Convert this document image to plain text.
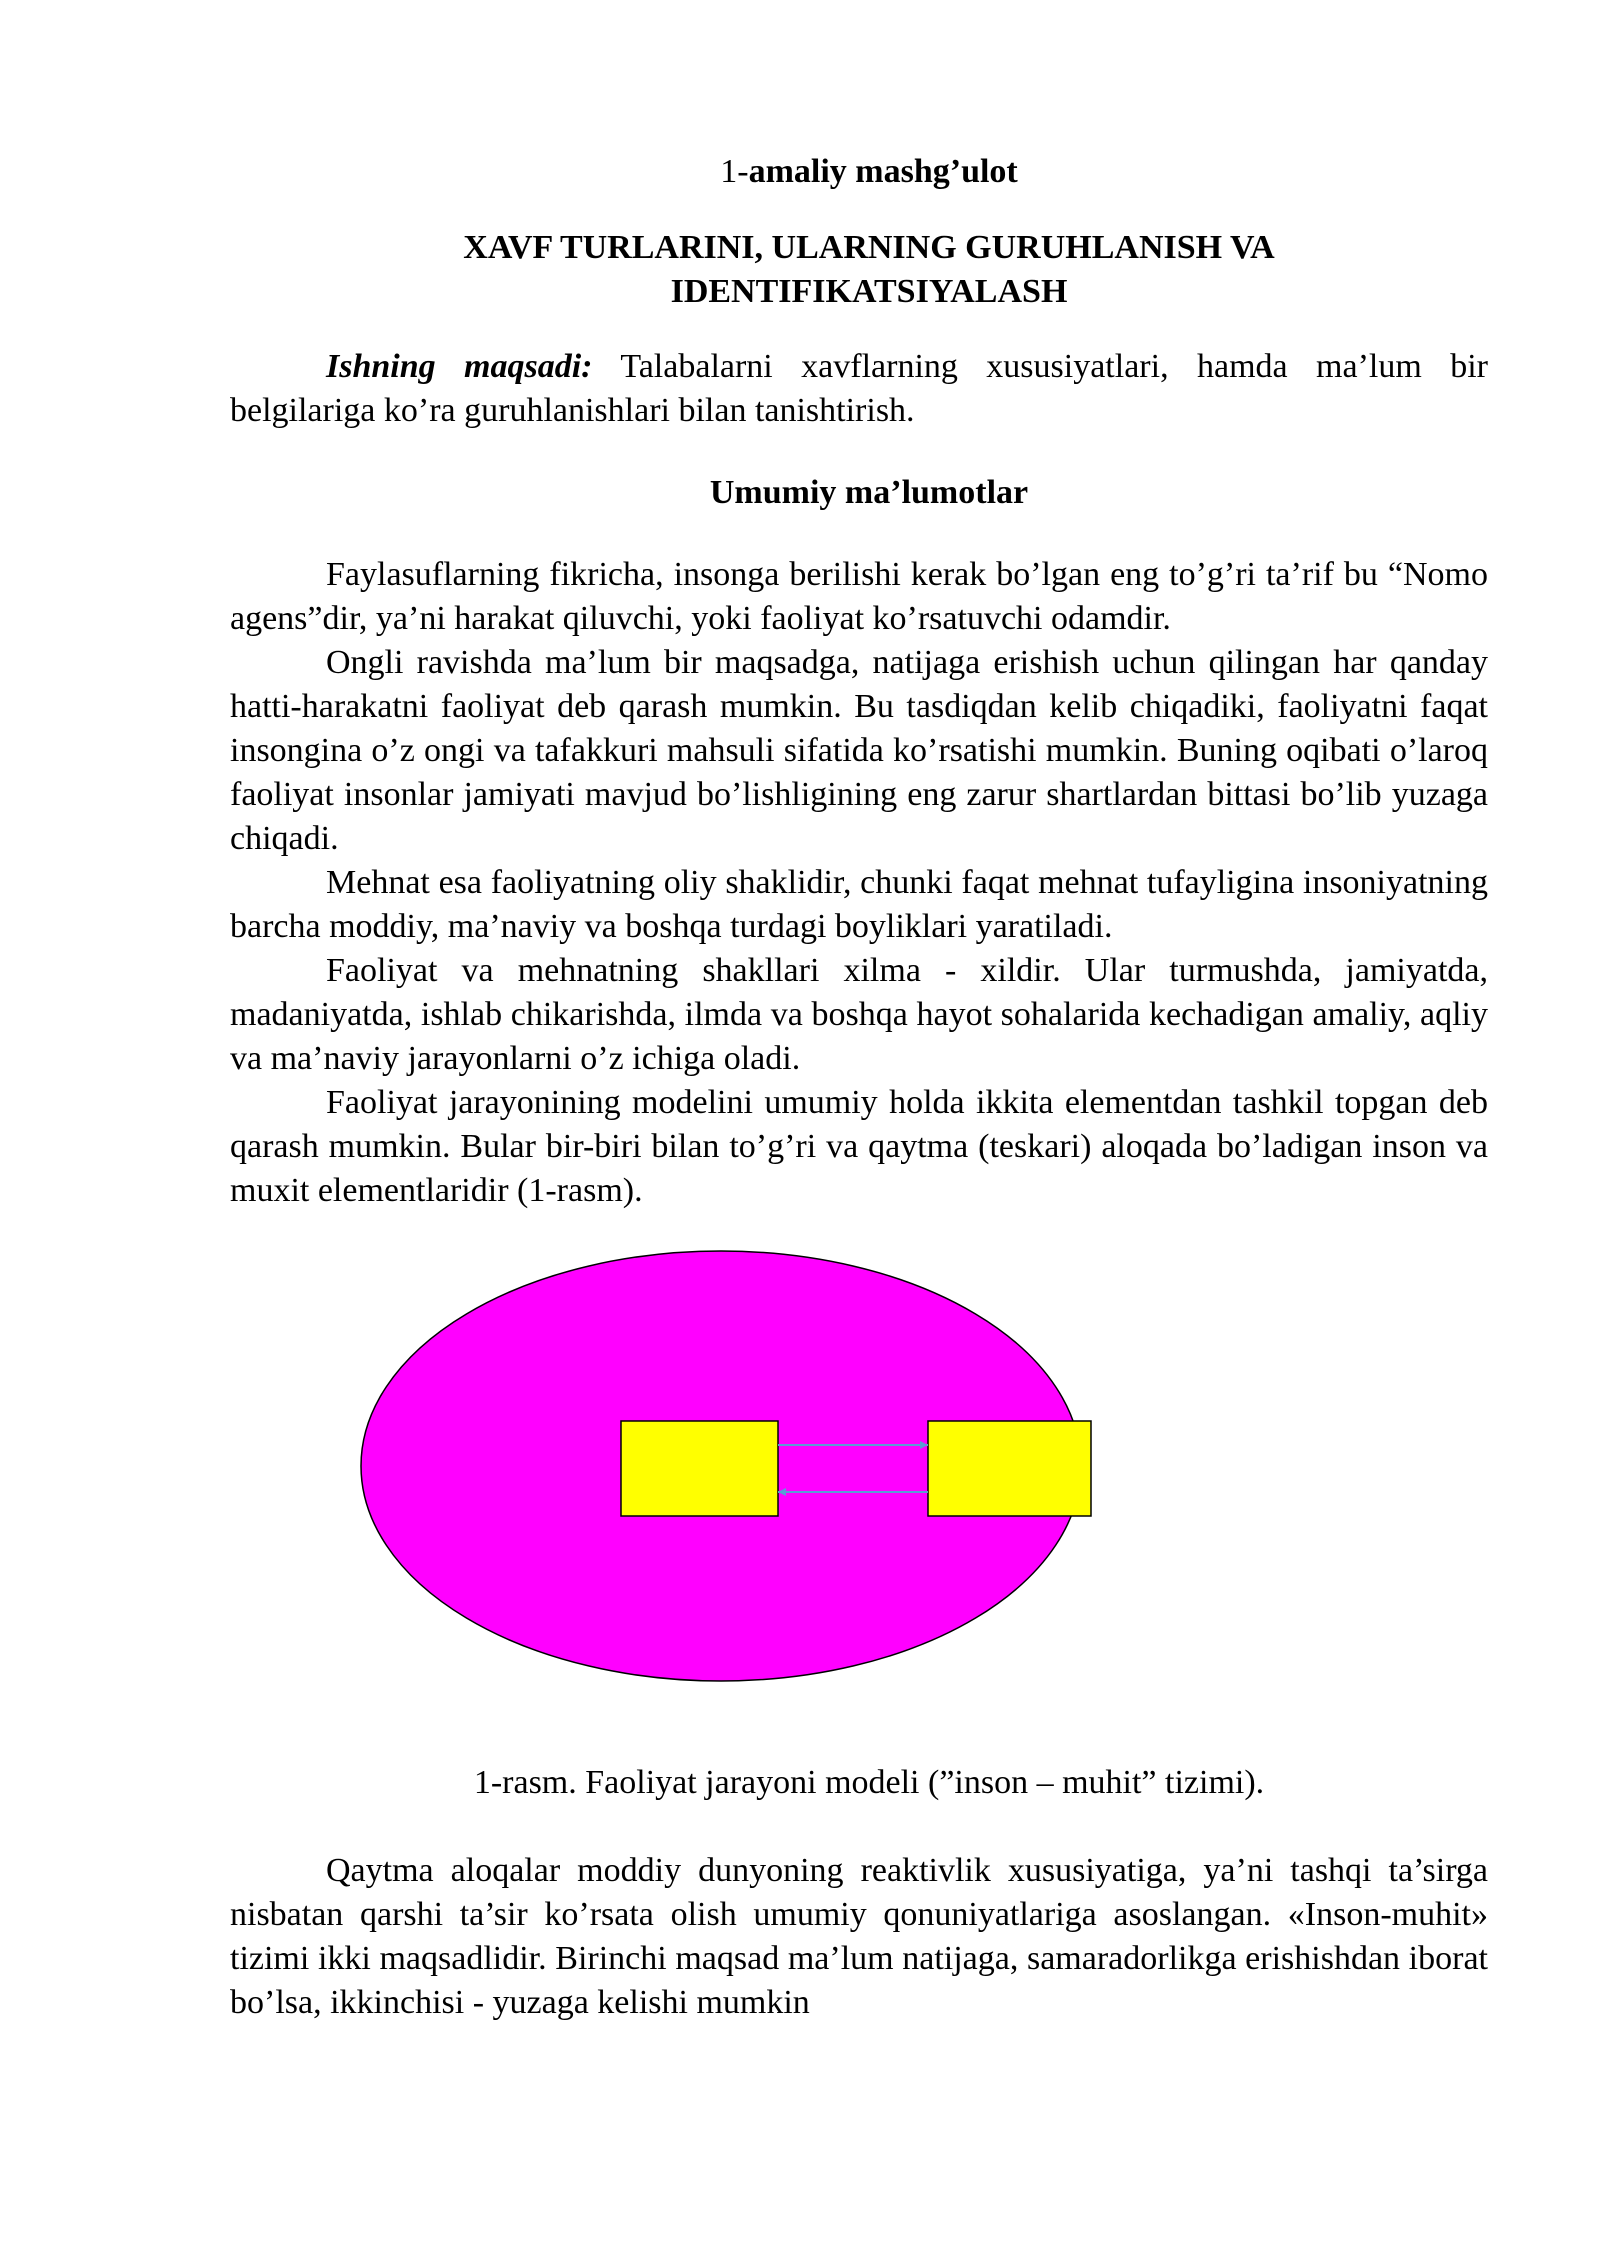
1-amaliy mashg’ulot
XAVF TURLARINI, ULARNING GURUHLANISH VA
IDENTIFIKATSIYALASH

Ishning maqsadi: Talabalarni xavflarning xususiyatlari, hamda ma’lum bir belgilariga ko’ra guruhlanishlari bilan tanishtirish.

Umumiy ma’lumotlar

Faylasuflarning fikricha, insonga berilishi kerak bo’lgan eng to’g’ri ta’rif bu “Nomo agens”dir, ya’ni harakat qiluvchi, yoki faoliyat ko’rsatuvchi odamdir.

Ongli ravishda ma’lum bir maqsadga, natijaga erishish uchun qilingan har qanday hatti-harakatni faoliyat deb qarash mumkin. Bu tasdiqdan kelib chiqadiki, faoliyatni faqat insongina o’z ongi va tafakkuri mahsuli sifatida ko’rsatishi mumkin. Buning oqibati o’laroq faoliyat insonlar jamiyati mavjud bo’lishligining eng zarur shartlardan bittasi bo’lib yuzaga chiqadi.

Mehnat esa faoliyatning oliy shaklidir, chunki faqat mehnat tufayligina insoniyatning barcha moddiy, ma’naviy va boshqa turdagi boyliklari yaratiladi.

Faoliyat va mehnatning shakllari xilma - xildir. Ular turmushda, jamiyatda, madaniyatda, ishlab chikarishda, ilmda va boshqa hayot sohalarida kechadigan amaliy, aqliy va ma’naviy jarayonlarni o’z ichiga oladi.

Faoliyat jarayonining modelini umumiy holda ikkita elementdan tashkil topgan deb qarash mumkin. Bular bir-biri bilan to’g’ri va qaytma (teskari) aloqada bo’ladigan inson va muxit elementlaridir (1-rasm).

1-rasm. Faoliyat jarayoni modeli (”inson – muhit” tizimi).

Qaytma aloqalar moddiy dunyoning reaktivlik xususiyatiga, ya’ni tashqi ta’sirga nisbatan qarshi ta’sir ko’rsata olish umumiy qonuniyatlariga asoslangan. «Inson-muhit» tizimi ikki maqsadlidir. Birinchi maqsad ma’lum natijaga, samaradorlikga erishishdan iborat bo’lsa, ikkinchisi - yuzaga kelishi mumkin
